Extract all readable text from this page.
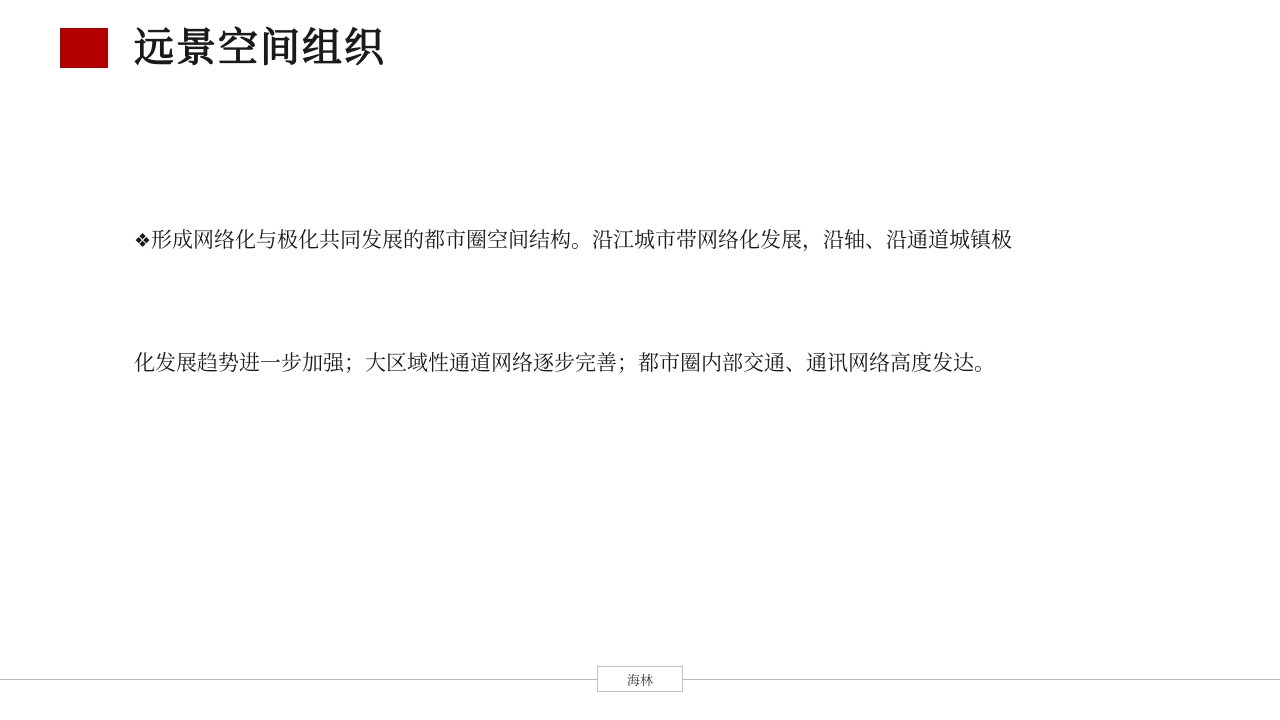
远景空间组织
❖形成网络化与极化共同发展的都市圈空间结构。沿江城市带网络化发展，沿轴、沿通道城镇极
化发展趋势进一步加强；大区域性通道网络逐步完善；都市圈内部交通、通讯网络高度发达。
海林
